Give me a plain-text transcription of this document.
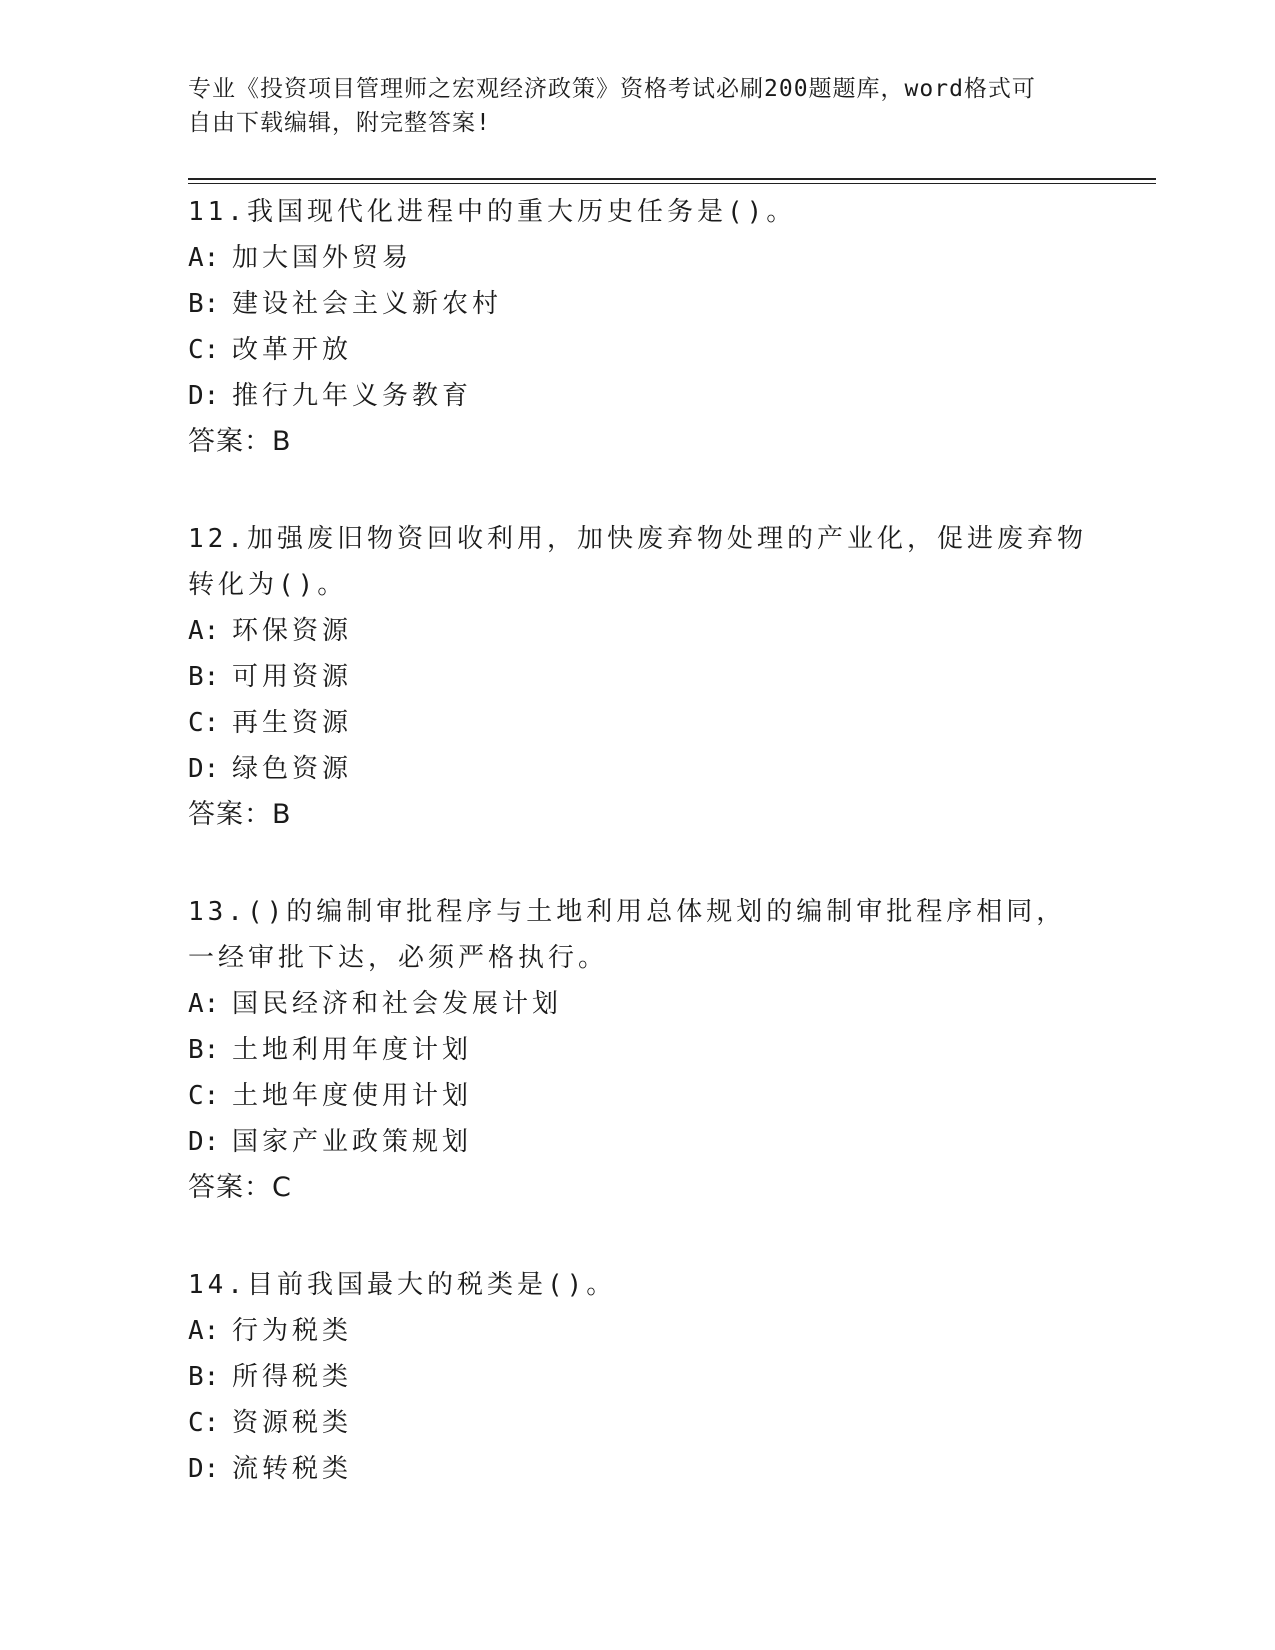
专业《投资项目管理师之宏观经济政策》资格考试必刷200题题库，word格式可
自由下载编辑，附完整答案!

11.我国现代化进程中的重大历史任务是()。

A: 加大国外贸易
B: 建设社会主义新农村
C: 改革开放
D: 推行九年义务教育
答案：B

12.加强废旧物资回收利用，加快废弃物处理的产业化，促进废弃物转化为()。

A: 环保资源
B: 可用资源
C: 再生资源
D: 绿色资源
答案：B

13.()的编制审批程序与土地利用总体规划的编制审批程序相同，一经审批下达，必须严格执行。

A: 国民经济和社会发展计划
B: 土地利用年度计划
C: 土地年度使用计划
D: 国家产业政策规划
答案：C

14.目前我国最大的税类是()。

A: 行为税类
B: 所得税类
C: 资源税类
D: 流转税类
